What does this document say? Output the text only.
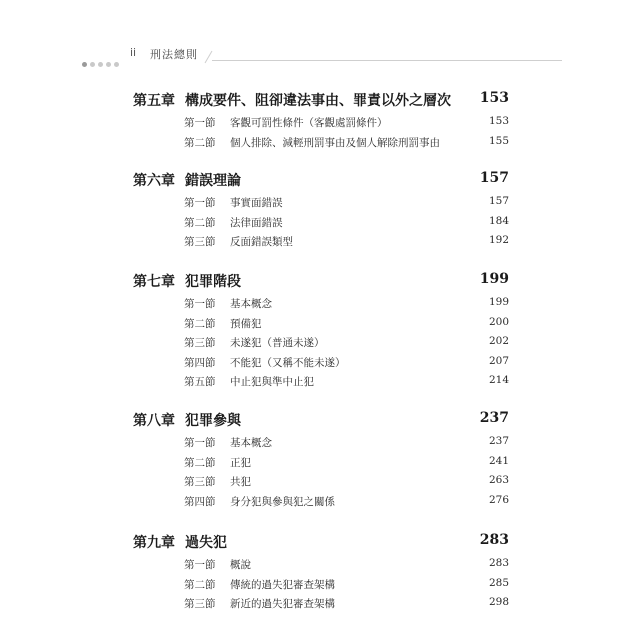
ii 刑法總則
第五章 構成要件、阻卻違法事由、罪責以外之層次 153
第一節 客觀可罰性條件（客觀處罰條件）	153
第二節 個人排除、減輕刑罰事由及個人解除刑罰事由	155
第六章 錯誤理論	157
第一節 事實面錯誤	157
第二節 法律面錯誤	184
第三節 反面錯誤類型	192
第七章 犯罪階段	199
第一節 基本概念	199
第二節 預備犯	200
第三節 未遂犯（普通未遂）	202
第四節 不能犯（又稱不能未遂）	207
第五節 中止犯與準中止犯	214
第八章 犯罪參與	237
第一節 基本概念	237
第二節 正犯	241
第三節 共犯	263
第四節 身分犯與參與犯之關係	276
第九章 過失犯	283
第一節 概說	283
第二節 傳統的過失犯審查架構	285
第三節 新近的過失犯審查架構	298
